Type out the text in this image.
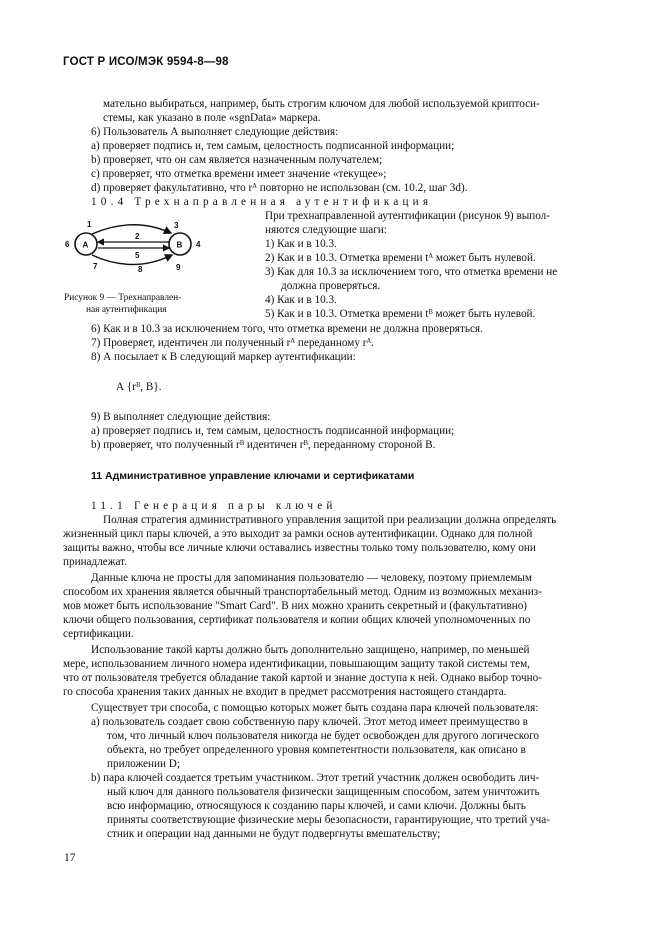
ГОСТ Р ИСО/МЭК 9594-8—98
A	B
1
2
3
4
5
6
7	8	9
Рисунок 9 — Трехнаправлен-
ная аутентификация
мательно выбираться, например, быть строгим ключом для любой используемой криптоси-
стемы, как указано в поле «sgnData» маркера.
6) Пользователь А выполняет следующие действия:
а) проверяет подпись и, тем самым, целостность подписанной информации;
b) проверяет, что он сам является назначенным получателем;
с) проверяет, что отметка времени имеет значение «текущее»;
d) проверяет факультативно, что rᴬ повторно не использован (см. 10.2, шаг 3d).
10.4 Трехнаправленная аутентификация
При трехнаправленной аутентификации (рисунок 9) выпол-
няются следующие шаги:
1) Как и в 10.3.
2) Как и в 10.3. Отметка времени tᴬ может быть нулевой.
3) Как для 10.3 за исключением того, что отметка времени не
должна проверяться.
4) Как и в 10.3.
5) Как и в 10.3. Отметка времени tᴮ может быть нулевой.
6) Как и в 10.3 за исключением того, что отметка времени не должна проверяться.
7) Проверяет, идентичен ли полученный rᴬ переданному rᴬ.
8) А посылает к В следующий маркер аутентификации:
А {rᴮ, В}.
9) В выполняет следующие действия:
а) проверяет подпись и, тем самым, целостность подписанной информации;
b) проверяет, что полученный rᴮ идентичен rᴮ, переданному стороной В.
11 Административное управление ключами и сертификатами
11.1 Генерация пары ключей
Полная стратегия административного управления защитой при реализации должна определять
жизненный цикл пары ключей, а это выходит за рамки основ аутентификации. Однако для полной
защиты важно, чтобы все личные ключи оставались известны только тому пользователю, кому они
принадлежат.
Данные ключа не просты для запоминания пользователю — человеку, поэтому приемлемым
способом их хранения является обычный транспортабельный метод. Одним из возможных механиз-
мов может быть использование "Smart Card". В них можно хранить секретный и (факультативно)
ключи общего пользования, сертификат пользователя и копии общих ключей уполномоченных по
сертификации.
Использование такой карты должно быть дополнительно защищено, например, по меньшей
мере, использованием личного номера идентификации, повышающим защиту такой системы тем,
что от пользователя требуется обладание такой картой и знание доступа к ней. Однако выбор точно-
го способа хранения таких данных не входит в предмет рассмотрения настоящего стандарта.
Существует три способа, с помощью которых может быть создана пара ключей пользователя:
а) пользователь создает свою собственную пару ключей. Этот метод имеет преимущество в
том, что личный ключ пользователя никогда не будет освобожден для другого логического
объекта, но требует определенного уровня компетентности пользователя, как описано в
приложении D;
b) пара ключей создается третьим участником. Этот третий участник должен освободить лич-
ный ключ для данного пользователя физически защищенным способом, затем уничтожить
всю информацию, относящуюся к созданию пары ключей, и сами ключи. Должны быть
приняты соответствующие физические меры безопасности, гарантирующие, что третий уча-
стник и операции над данными не будут подвергнуты вмешательству;
17
